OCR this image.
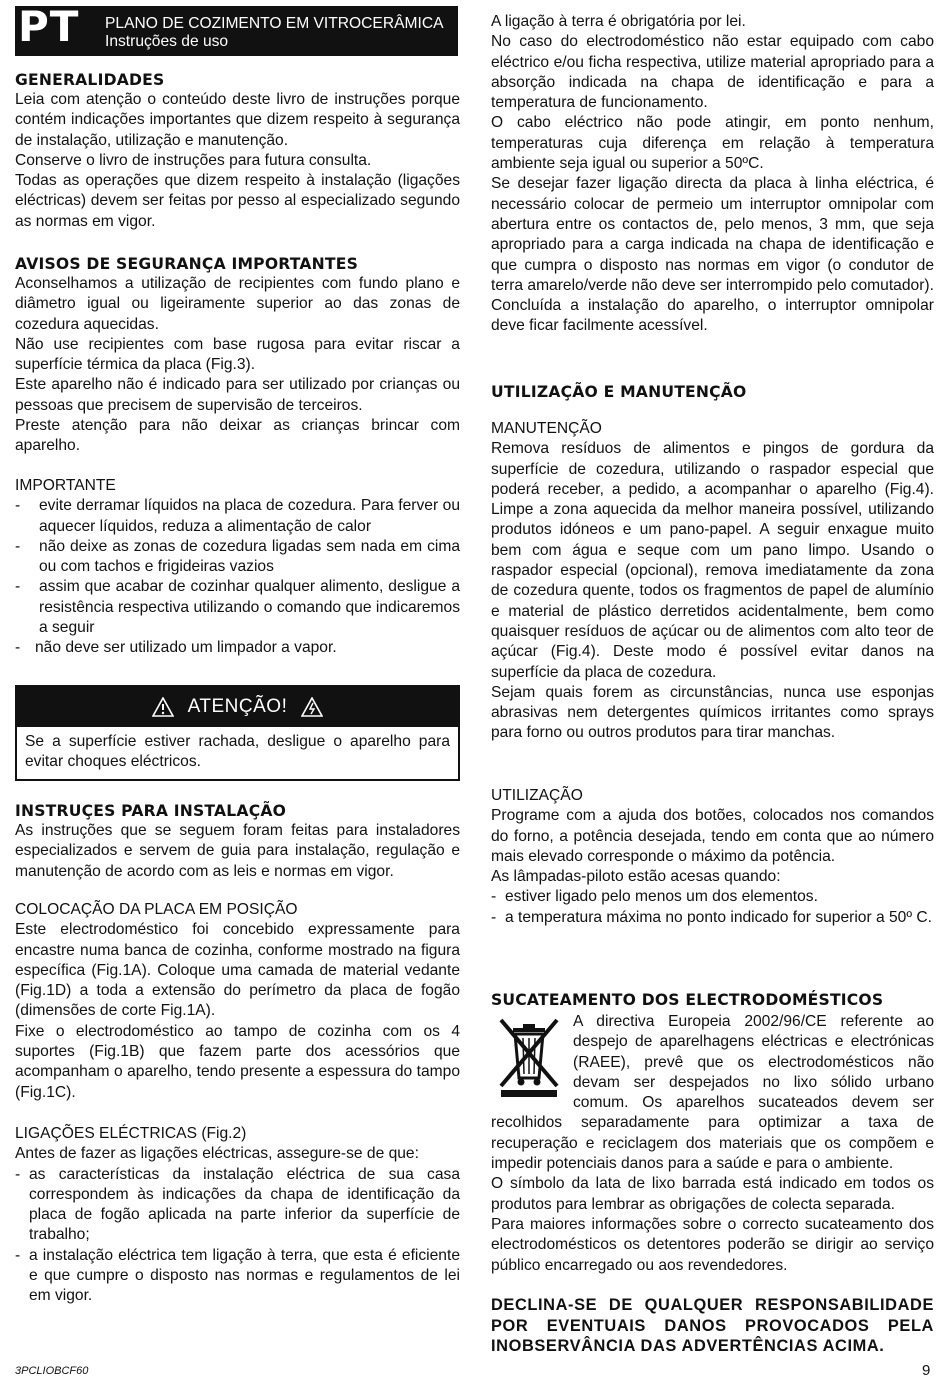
PT PLANO DE COZIMENTO EM VITROCERÂMICA
Instruções de uso
GENERALIDADES

Leia com atenção o conteúdo deste livro de instruções porque contém indicações importantes que dizem respeito à segurança de instalação, utilização e manutenção.

Conserve o livro de instruções para futura consulta.

Todas as operações que dizem respeito à instalação (ligações eléctricas) devem ser feitas por pesso al especializado segundo as normas em vigor.

AVISOS DE SEGURANÇA IMPORTANTES

Aconselhamos a utilização de recipientes com fundo plano e diâmetro igual ou ligeiramente superior ao das zonas de cozedura aquecidas.

Não use recipientes com base rugosa para evitar riscar a superfície térmica da placa (Fig.3).

Este aparelho não é indicado para ser utilizado por crianças ou pessoas que precisem de supervisão de terceiros.

Preste atenção para não deixar as crianças brincar com aparelho.

IMPORTANTE
- evite derramar líquidos na placa de cozedura. Para ferver ou aquecer líquidos, reduza a alimentação de calor
- não deixe as zonas de cozedura ligadas sem nada em cima ou com tachos e frigideiras vazios
- assim que acabar de cozinhar qualquer alimento, desligue a resistência respectiva utilizando o comando que indicaremos a seguir
- não deve ser utilizado um limpador a vapor.
INSTRUÇES PARA INSTALAÇÃO

As instruções que se seguem foram feitas para instaladores especializados e servem de guia para instalação, regulação e manutenção de acordo com as leis e normas em vigor.

COLOCAÇÃO DA PLACA EM POSIÇÃO

Este electrodoméstico foi concebido expressamente para encastre numa banca de cozinha, conforme mostrado na figura específica (Fig.1A). Coloque uma camada de material vedante (Fig.1D) a toda a extensão do perímetro da placa de fogão (dimensões de corte Fig.1A).

Fixe o electrodoméstico ao tampo de cozinha com os 4 suportes (Fig.1B) que fazem parte dos acessórios que acompanham o aparelho, tendo presente a espessura do tampo (Fig.1C).

LIGAÇÕES ELÉCTRICAS (Fig.2)

Antes de fazer as ligações eléctricas, assegure-se de que:

- as características da instalação eléctrica de sua casa correspondem às indicações da chapa de identificação da placa de fogão aplicada na parte inferior da superfície de trabalho;
- a instalação eléctrica tem ligação à terra, que esta é eficiente e que cumpre o disposto nas normas e regulamentos de lei em vigor.
ATENÇÃO!

Se a superfície estiver rachada, desligue o aparelho para evitar choques eléctricos.

A ligação à terra é obrigatória por lei.

No caso do electrodoméstico não estar equipado com cabo eléctrico e/ou ficha respectiva, utilize material apropriado para a absorção indicada na chapa de identificação e para a temperatura de funcionamento.

O cabo eléctrico não pode atingir, em ponto nenhum, temperaturas cuja diferença em relação à temperatura ambiente seja igual ou superior a 50ºC.

Se desejar fazer ligação directa da placa à linha eléctrica, é necessário colocar de permeio um interruptor omnipolar com abertura entre os contactos de, pelo menos, 3 mm, que seja apropriado para a carga indicada na chapa de identificação e que cumpra o disposto nas normas em vigor (o condutor de terra amarelo/verde não deve ser interrompido pelo comutador).

Concluída a instalação do aparelho, o interruptor omnipolar deve ficar facilmente acessível.

UTILIZAÇÃO E MANUTENÇÃO
MANUTENÇÃO

Remova resíduos de alimentos e pingos de gordura da superfície de cozedura, utilizando o raspador especial que poderá receber, a pedido, a acompanhar o aparelho (Fig.4). Limpe a zona aquecida da melhor maneira possível, utilizando produtos idóneos e um pano-papel. A seguir enxague muito bem com água e seque com um pano limpo. Usando o raspador especial (opcional), remova imediatamente da zona de cozedura quente, todos os fragmentos de papel de alumínio e material de plástico derretidos acidentalmente, bem como quaisquer resíduos de açúcar ou de alimentos com alto teor de açúcar (Fig.4). Deste modo é possível evitar danos na superfície da placa de cozedura.

Sejam quais forem as circunstâncias, nunca use esponjas abrasivas nem detergentes químicos irritantes como sprays para forno ou outros produtos para tirar manchas.

UTILIZAÇÃO

Programe com a ajuda dos botões, colocados nos comandos do forno, a potência desejada, tendo em conta que ao número mais elevado corresponde o máximo da potência.

As lâmpadas-piloto estão acesas quando:

- estiver ligado pelo menos um dos elementos.
- a temperatura máxima no ponto indicado for superior a 50º C.
SUCATEAMENTO DOS ELECTRODOMÉSTICOS

A directiva Europeia 2002/96/CE referente ao despejo de aparelhagens eléctricas e electrónicas (RAEE), prevê que os electrodomésticos não devam ser despejados no lixo sólido urbano comum. Os aparelhos sucateados devem ser recolhidos separadamente para optimizar a taxa de recuperação e reciclagem dos materiais que os compõem e impedir potenciais danos para a saúde e para o ambiente.

O símbolo da lata de lixo barrada está indicado em todos os produtos para lembrar as obrigações de colecta separada.

Para maiores informações sobre o correcto sucateamento dos electrodomésticos os detentores poderão se dirigir ao serviço público encarregado ou aos revendedores.

DECLINA-SE DE QUALQUER RESPONSABILIDADE POR EVENTUAIS DANOS PROVOCADOS PELA INOBSERVÂNCIA DAS ADVERTÊNCIAS ACIMA.

3PCLIOBCF60	9
